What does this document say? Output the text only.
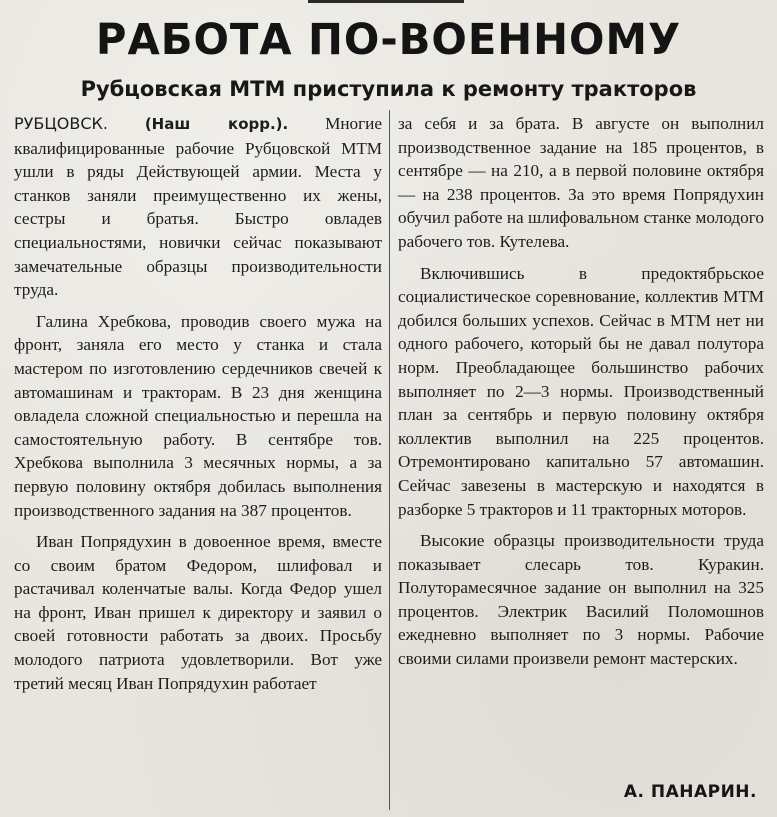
РАБОТА ПО-ВОЕННОМУ
Рубцовская МТМ приступила к ремонту тракторов

РУБЦОВСК. (Наш корр.). Многие квалифицированные рабочие Рубцовской МТМ ушли в ряды Действующей армии. Места у станков заняли преимущественно их жены, сестры и братья. Быстро овладев специальностями, новички сейчас показывают замечательные образцы производительности труда.

Галина Хребкова, проводив своего мужа на фронт, заняла его место у станка и стала мастером по изготовлению сердечников свечей к автомашинам и тракторам. В 23 дня женщина овладела сложной специальностью и перешла на самостоятельную работу. В сентябре тов. Хребкова выполнила 3 месячных нормы, а за первую половину октября добилась выполнения производственного задания на 387 процентов.

Иван Попрядухин в довоенное время, вместе со своим братом Федором, шлифовал и растачивал коленчатые валы. Когда Федор ушел на фронт, Иван пришел к директору и заявил о своей готовности работать за двоих. Просьбу молодого патриота удовлетворили. Вот уже третий месяц Иван Попрядухин работает

за себя и за брата. В августе он выполнил производственное задание на 185 процентов, в сентябре — на 210, а в первой половине октября — на 238 процентов. За это время Попрядухин обучил работе на шлифовальном станке молодого рабочего тов. Кутелева.

Включившись в предоктябрьское социалистическое соревнование, коллектив МТМ добился больших успехов. Сейчас в МТМ нет ни одного рабочего, который бы не давал полутора норм. Преобладающее большинство рабочих выполняет по 2—3 нормы. Производственный план за сентябрь и первую половину октября коллектив выполнил на 225 процентов. Отремонтировано капитально 57 автомашин. Сейчас завезены в мастерскую и находятся в разборке 5 тракторов и 11 тракторных моторов.

Высокие образцы производительности труда показывает слесарь тов. Куракин. Полуторамесячное задание он выполнил на 325 процентов. Электрик Василий Поломошнов ежедневно выполняет по 3 нормы. Рабочие своими силами произвели ремонт мастерских.

А. ПАНАРИН.
